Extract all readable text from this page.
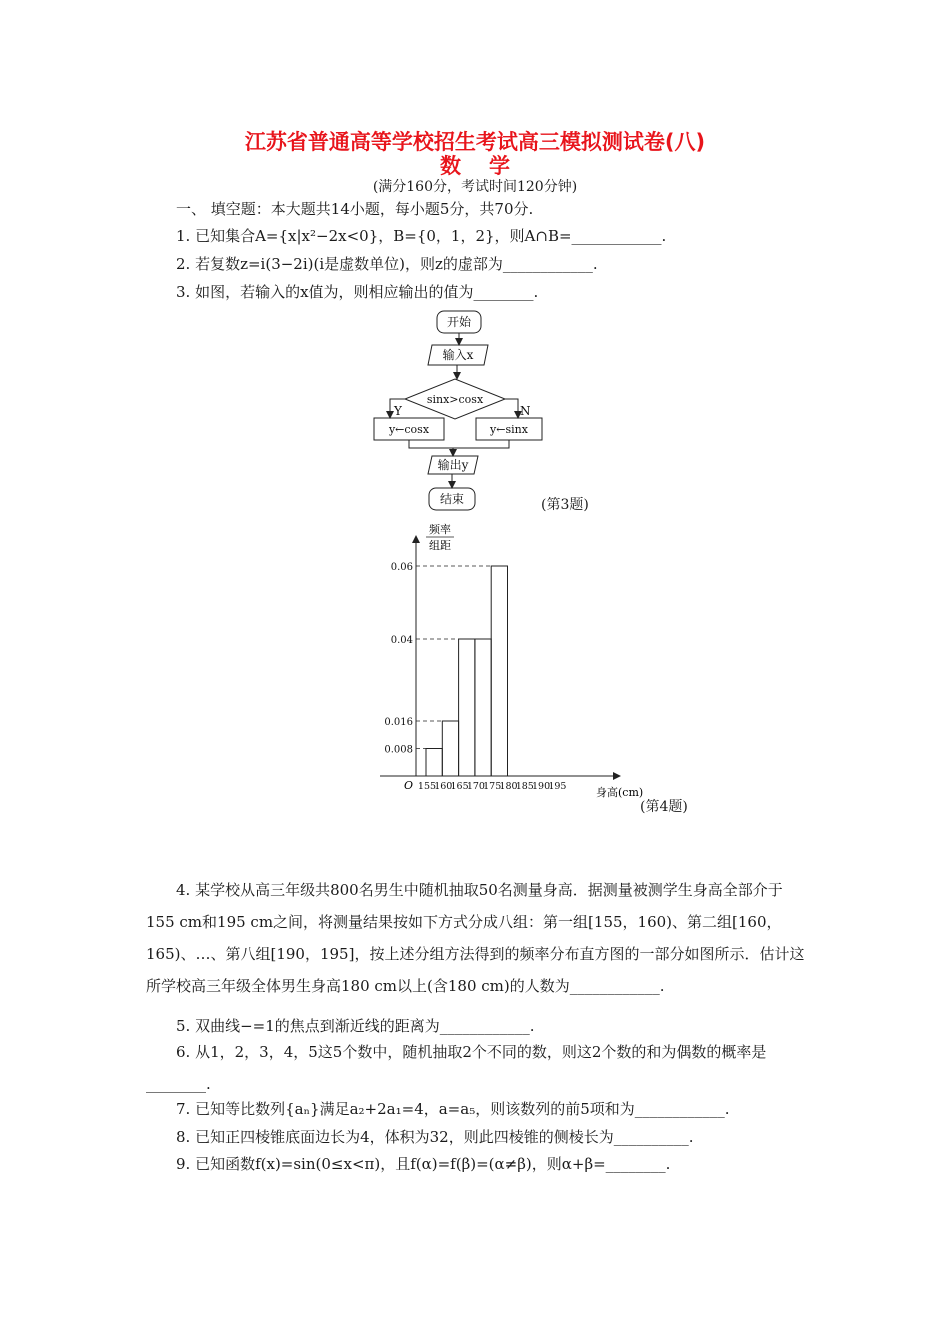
江苏省普通高等学校招生考试高三模拟测试卷(八)
数学
(满分160分，考试时间120分钟)
一、 填空题：本大题共14小题，每小题5分，共70分.
1. 已知集合A={x|x²−2x<0}，B={0，1，2}，则A∩B=____________.
2. 若复数z=i(3−2i)(i是虚数单位)，则z的虚部为____________.
3. 如图，若输入的x值为，则相应输出的值为________.
开始
输入x
sinx>cosx
Y	N
y←cosx	y←sinx
输出y
结束	(第3题)
0.06
0.04
0.016
0.008
155
160
165
170
175
180
185
190
195
频率
组距
O
身高(cm)
(第4题)
4. 某学校从高三年级共800名男生中随机抽取50名测量身高．据测量被测学生身高全部介于155 cm和195 cm之间，将测量结果按如下方式分成八组：第一组[155，160)、第二组[160，165)、…、第八组[190，195]，按上述分组方法得到的频率分布直方图的一部分如图所示．估计这所学校高三年级全体男生身高180 cm以上(含180 cm)的人数为____________.
5. 双曲线−=1的焦点到渐近线的距离为____________.
6. 从1，2，3，4，5这5个数中，随机抽取2个不同的数，则这2个数的和为偶数的概率是________.
7. 已知等比数列{aₙ}满足a₂+2a₁=4，a=a₅，则该数列的前5项和为____________.
8. 已知正四棱锥底面边长为4，体积为32，则此四棱锥的侧棱长为__________.
9. 已知函数f(x)=sin(0≤x<π)，且f(α)=f(β)=(α≠β)，则α+β=________.
